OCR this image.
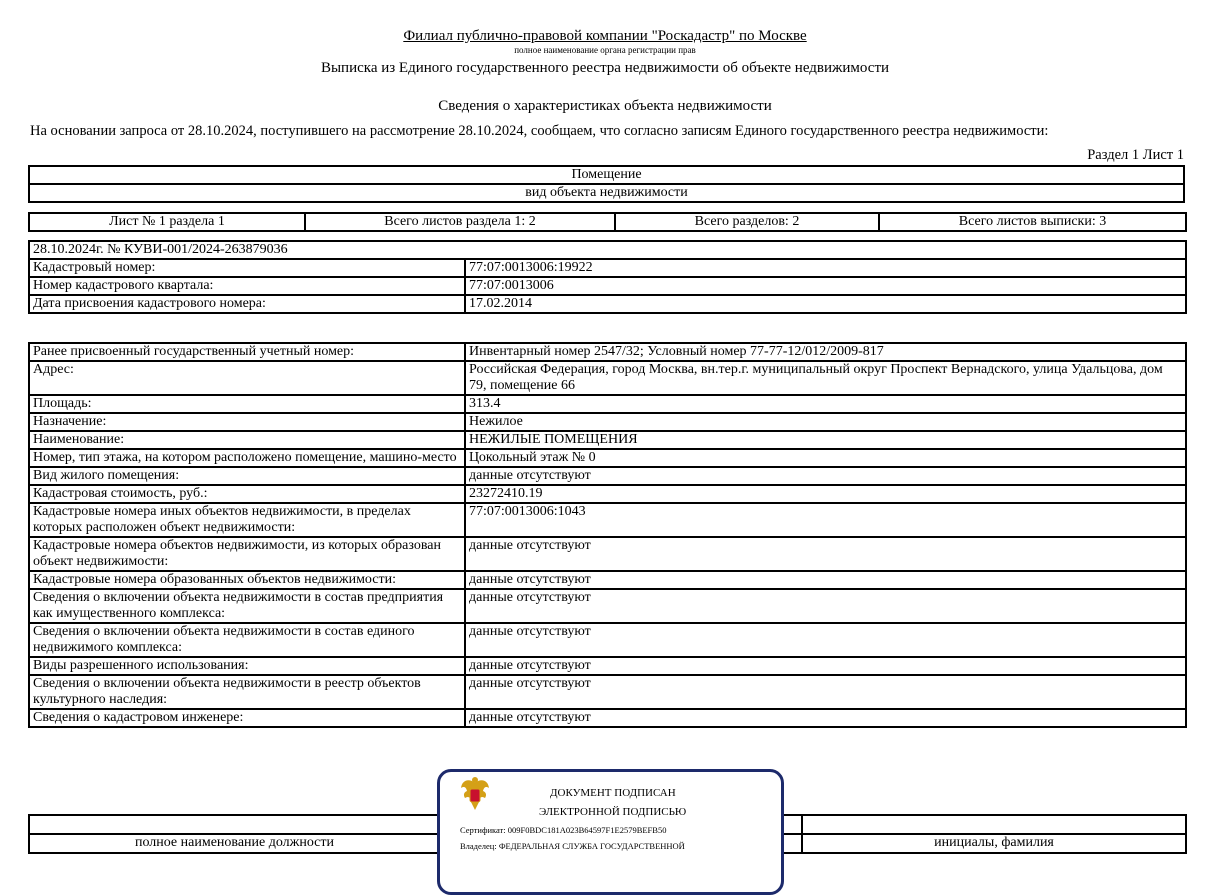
Филиал публично-правовой компании "Роскадастр" по Москве
полное наименование органа регистрации прав
Выписка из Единого государственного реестра недвижимости об объекте недвижимости
Сведения о характеристиках объекта недвижимости
На основании запроса от 28.10.2024, поступившего на рассмотрение 28.10.2024, сообщаем, что согласно записям Единого государственного реестра недвижимости:
Раздел 1 Лист 1
Помещение
вид объекта недвижимости
Лист № 1 раздела 1	Всего листов раздела 1: 2	Всего разделов: 2	Всего листов выписки: 3
28.10.2024г. № КУВИ-001/2024-263879036	
Кадастровый номер:	77:07:0013006:19922
Номер кадастрового квартала:	77:07:0013006
Дата присвоения кадастрового номера:	17.02.2014
Ранее присвоенный государственный учетный номер:	Инвентарный номер 2547/32; Условный номер 77-77-12/012/2009-817
Адрес:	Российская Федерация, город Москва, вн.тер.г. муниципальный округ Проспект Вернадского, улица Удальцова, дом 79, помещение 66
Площадь:	313.4
Назначение:	Нежилое
Наименование:	НЕЖИЛЫЕ ПОМЕЩЕНИЯ
Номер, тип этажа, на котором расположено помещение, машино-место	Цокольный этаж № 0
Вид жилого помещения:	данные отсутствуют
Кадастровая стоимость, руб.:	23272410.19
Кадастровые номера иных объектов недвижимости, в пределах которых расположен объект недвижимости:	77:07:0013006:1043
Кадастровые номера объектов недвижимости, из которых образован объект недвижимости:	данные отсутствуют
Кадастровые номера образованных объектов недвижимости:	данные отсутствуют
Сведения о включении объекта недвижимости в состав предприятия как имущественного комплекса:	данные отсутствуют
Сведения о включении объекта недвижимости в состав единого недвижимого комплекса:	данные отсутствуют
Виды разрешенного использования:	данные отсутствуют
Сведения о включении объекта недвижимости в реестр объектов культурного наследия:	данные отсутствуют
Сведения о кадастровом инженере:	данные отсутствуют

полное наименование должности		инициалы, фамилия
ДОКУМЕНТ ПОДПИСАН
ЭЛЕКТРОННОЙ ПОДПИСЬЮ
Сертификат: 009F0BDC181A023B64597F1E2579BEFB50
Владелец: ФЕДЕРАЛЬНАЯ СЛУЖБА ГОСУДАРСТВЕННОЙ
